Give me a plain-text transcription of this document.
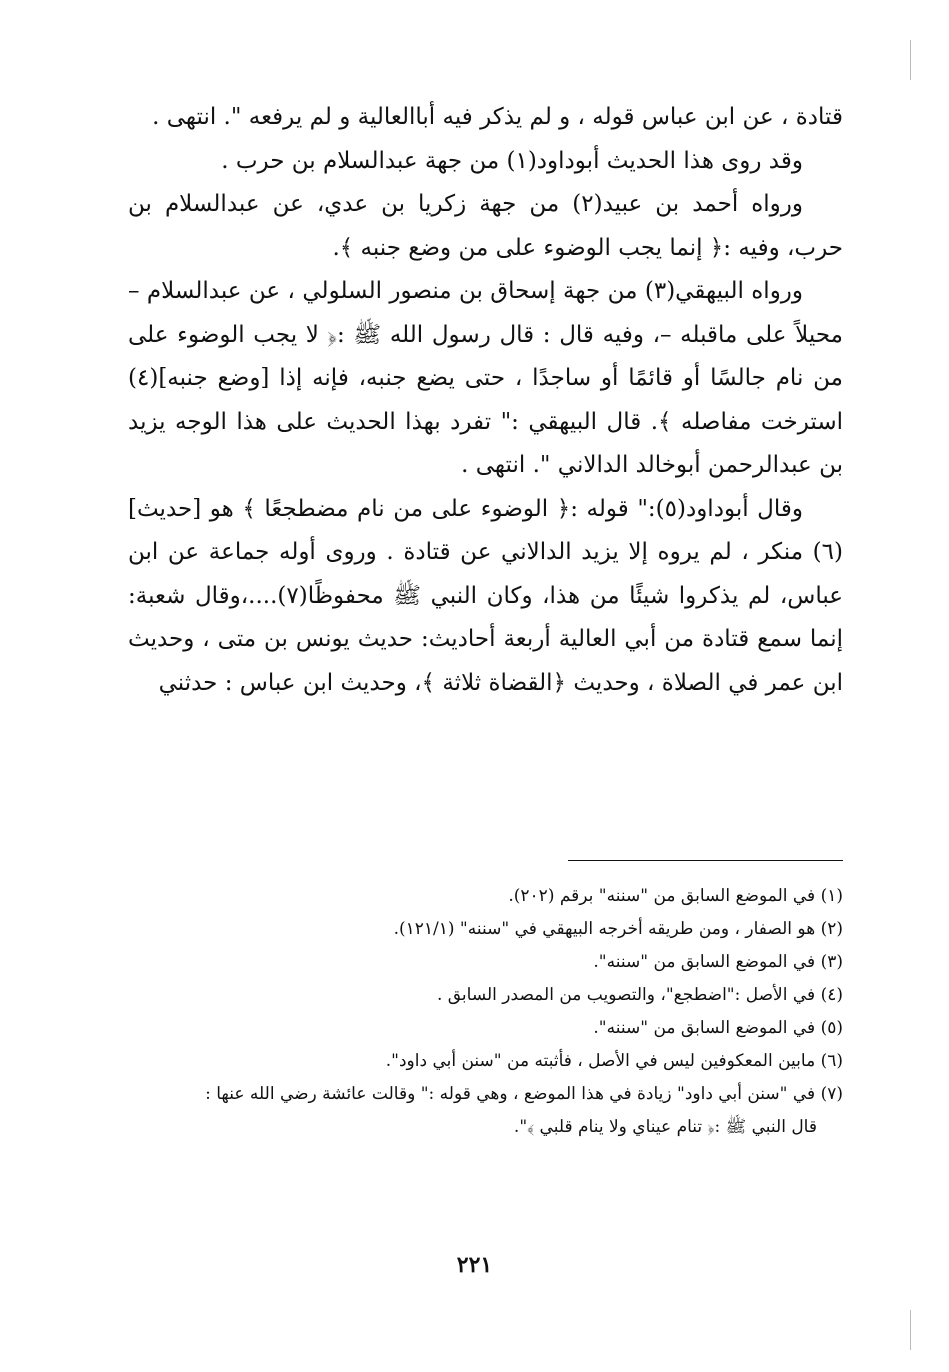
قتادة ، عن ابن عباس قوله ، و لم يذكر فيه أباالعالية و لم يرفعه ". انتهى .

وقد روى هذا الحديث أبوداود(١) من جهة عبدالسلام بن حرب .

ورواه أحمد بن عبيد(٢) من جهة زكريا بن عدي، عن عبدالسلام بن حرب، وفيه :﴿ إنما يجب الوضوء على من وضع جنبه ﴾.

ورواه البيهقي(٣) من جهة إسحاق بن منصور السلولي ، عن عبدالسلام – محيلاً على ماقبله –، وفيه قال : قال رسول الله ﷺ :﴿ لا يجب الوضوء على من نام جالسًا أو قائمًا أو ساجدًا ، حتى يضع جنبه، فإنه إذا [وضع جنبه](٤) استرخت مفاصله ﴾. قال البيهقي :" تفرد بهذا الحديث على هذا الوجه يزيد بن عبدالرحمن أبوخالد الدالاني ". انتهى .

وقال أبوداود(٥):" قوله :﴿ الوضوء على من نام مضطجعًا ﴾ هو [حديث](٦) منكر ، لم يروه إلا يزيد الدالاني عن قتادة . وروى أوله جماعة عن ابن عباس، لم يذكروا شيئًا من هذا، وكان النبي ﷺ محفوظًا(٧)....،وقال شعبة: إنما سمع قتادة من أبي العالية أربعة أحاديث: حديث يونس بن متى ، وحديث ابن عمر في الصلاة ، وحديث ﴿القضاة ثلاثة ﴾، وحديث ابن عباس : حدثني

(١) في الموضع السابق من "سننه" برقم (٢٠٢).

(٢) هو الصفار ، ومن طريقه أخرجه البيهقي في "سننه" (١٢١/١).

(٣) في الموضع السابق من "سننه".

(٤) في الأصل :"اضطجع"، والتصويب من المصدر السابق .

(٥) في الموضع السابق من "سننه".

(٦) مابين المعكوفين ليس في الأصل ، فأثبته من "سنن أبي داود".

(٧) في "سنن أبي داود" زيادة في هذا الموضع ، وهي قوله :" وقالت عائشة رضي الله عنها :

قال النبي ﷺ :﴿ تنام عيناي ولا ينام قلبي ﴾".

٢٢١
